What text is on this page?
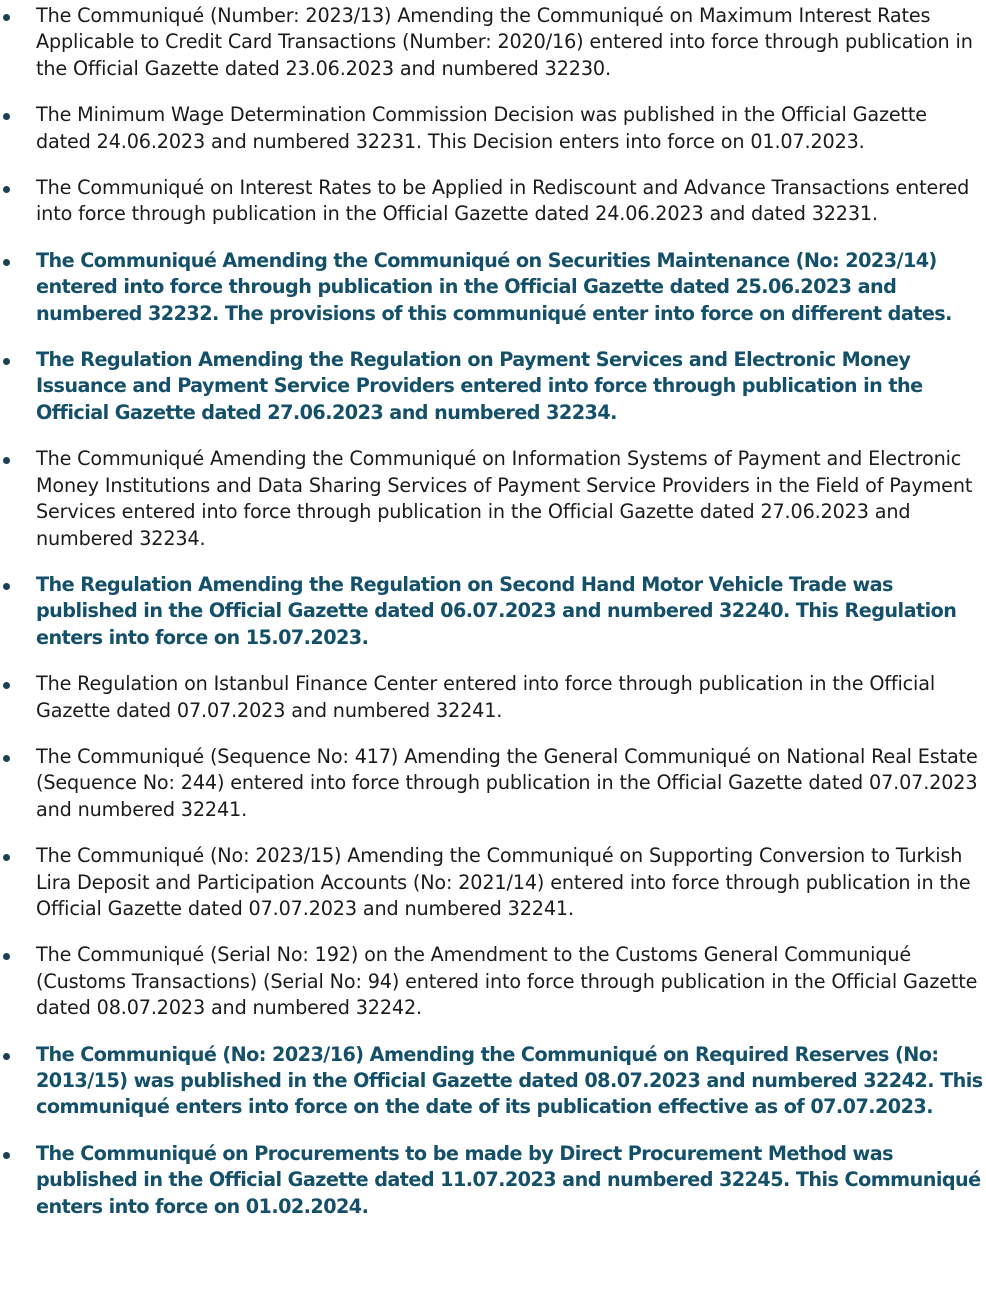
The Communiqué (Number: 2023/13) Amending the Communiqué on Maximum Interest Rates Applicable to Credit Card Transactions (Number: 2020/16) entered into force through publication in the Official Gazette dated 23.06.2023 and numbered 32230.
The Minimum Wage Determination Commission Decision was published in the Official Gazette dated 24.06.2023 and numbered 32231. This Decision enters into force on 01.07.2023.
The Communiqué on Interest Rates to be Applied in Rediscount and Advance Transactions entered into force through publication in the Official Gazette dated 24.06.2023 and dated 32231.
The Communiqué Amending the Communiqué on Securities Maintenance (No: 2023/14) entered into force through publication in the Official Gazette dated 25.06.2023 and numbered 32232. The provisions of this communiqué enter into force on different dates.
The Regulation Amending the Regulation on Payment Services and Electronic Money Issuance and Payment Service Providers entered into force through publication in the Official Gazette dated 27.06.2023 and numbered 32234.
The Communiqué Amending the Communiqué on Information Systems of Payment and Electronic Money Institutions and Data Sharing Services of Payment Service Providers in the Field of Payment Services entered into force through publication in the Official Gazette dated 27.06.2023 and numbered 32234.
The Regulation Amending the Regulation on Second Hand Motor Vehicle Trade was published in the Official Gazette dated 06.07.2023 and numbered 32240. This Regulation enters into force on 15.07.2023.
The Regulation on Istanbul Finance Center entered into force through publication in the Official Gazette dated 07.07.2023 and numbered 32241.
The Communiqué (Sequence No: 417) Amending the General Communiqué on National Real Estate (Sequence No: 244) entered into force through publication in the Official Gazette dated 07.07.2023 and numbered 32241.
The Communiqué (No: 2023/15) Amending the Communiqué on Supporting Conversion to Turkish Lira Deposit and Participation Accounts (No: 2021/14) entered into force through publication in the Official Gazette dated 07.07.2023 and numbered 32241.
The Communiqué (Serial No: 192) on the Amendment to the Customs General Communiqué (Customs Transactions) (Serial No: 94) entered into force through publication in the Official Gazette dated 08.07.2023 and numbered 32242.
The Communiqué (No: 2023/16) Amending the Communiqué on Required Reserves (No: 2013/15) was published in the Official Gazette dated 08.07.2023 and numbered 32242. This communiqué enters into force on the date of its publication effective as of 07.07.2023.
The Communiqué on Procurements to be made by Direct Procurement Method was published in the Official Gazette dated 11.07.2023 and numbered 32245. This Communiqué enters into force on 01.02.2024.
